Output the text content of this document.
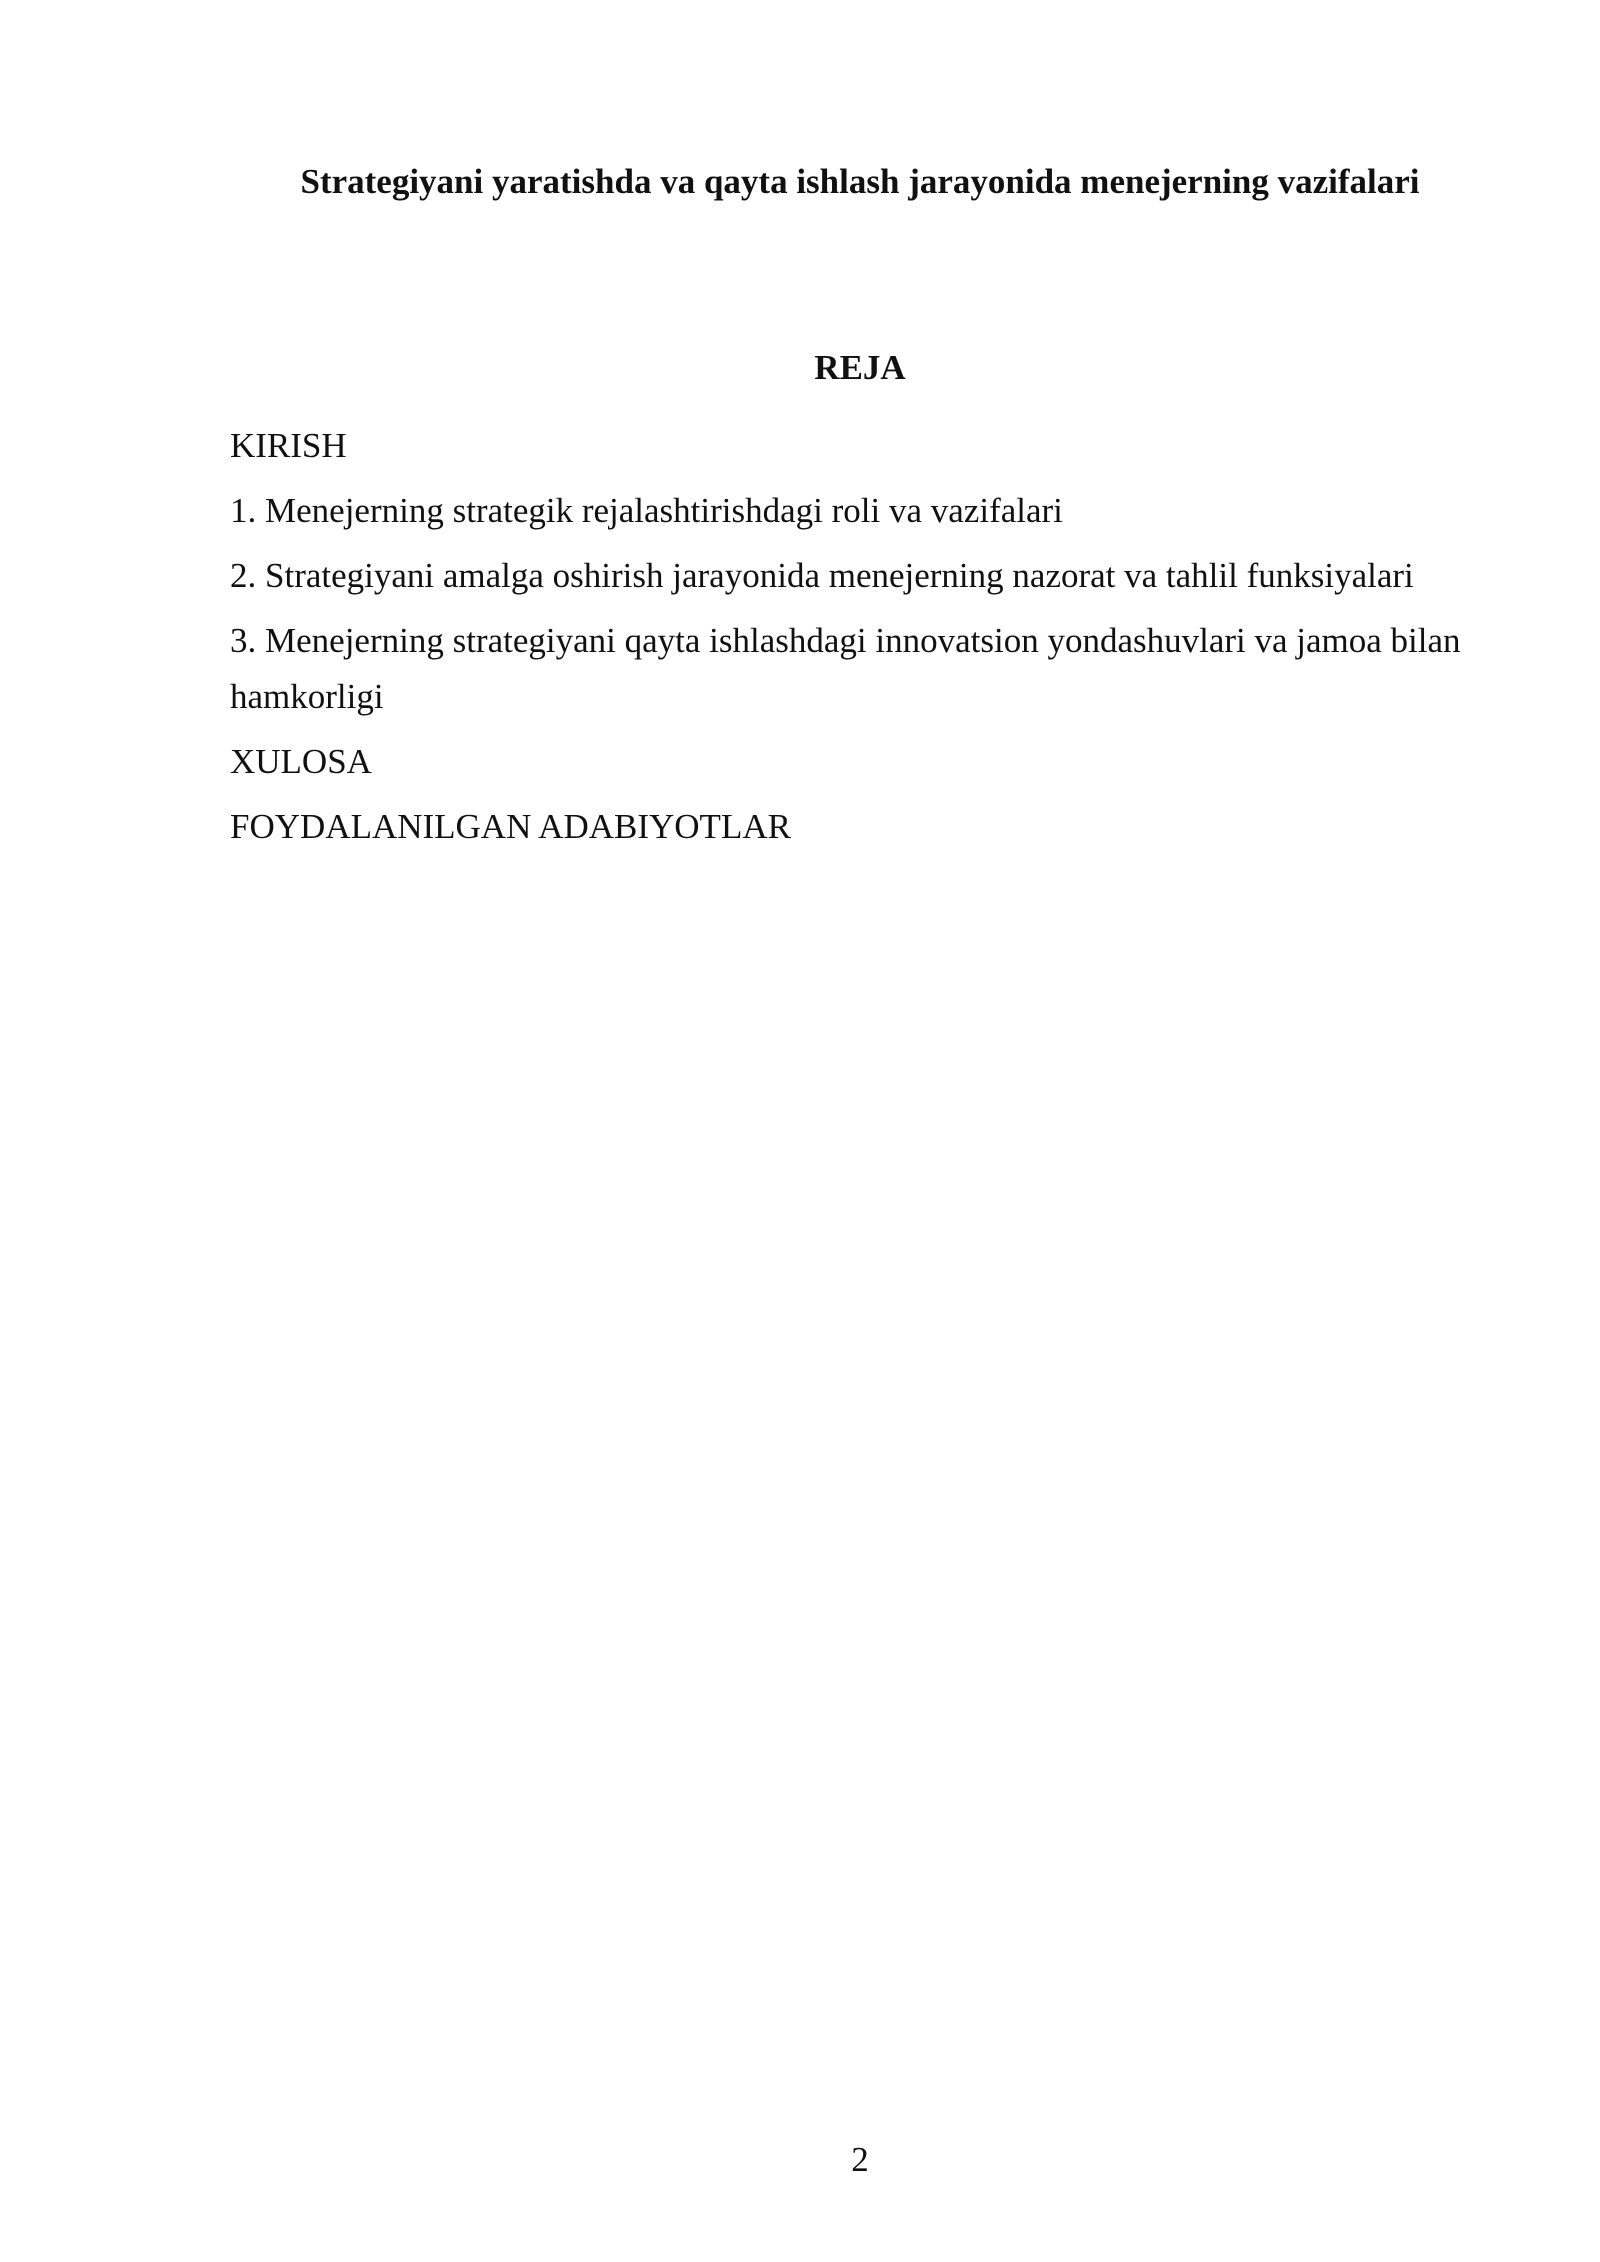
Strategiyani yaratishda va qayta ishlash jarayonida menejerning vazifalari
REJA
KIRISH
1. Menejerning strategik rejalashtirishdagi roli va vazifalari
2. Strategiyani amalga oshirish jarayonida menejerning nazorat va tahlil funksiyalari
3. Menejerning strategiyani qayta ishlashdagi innovatsion yondashuvlari va jamoa bilan hamkorligi
XULOSA
FOYDALANILGAN ADABIYOTLAR
2
